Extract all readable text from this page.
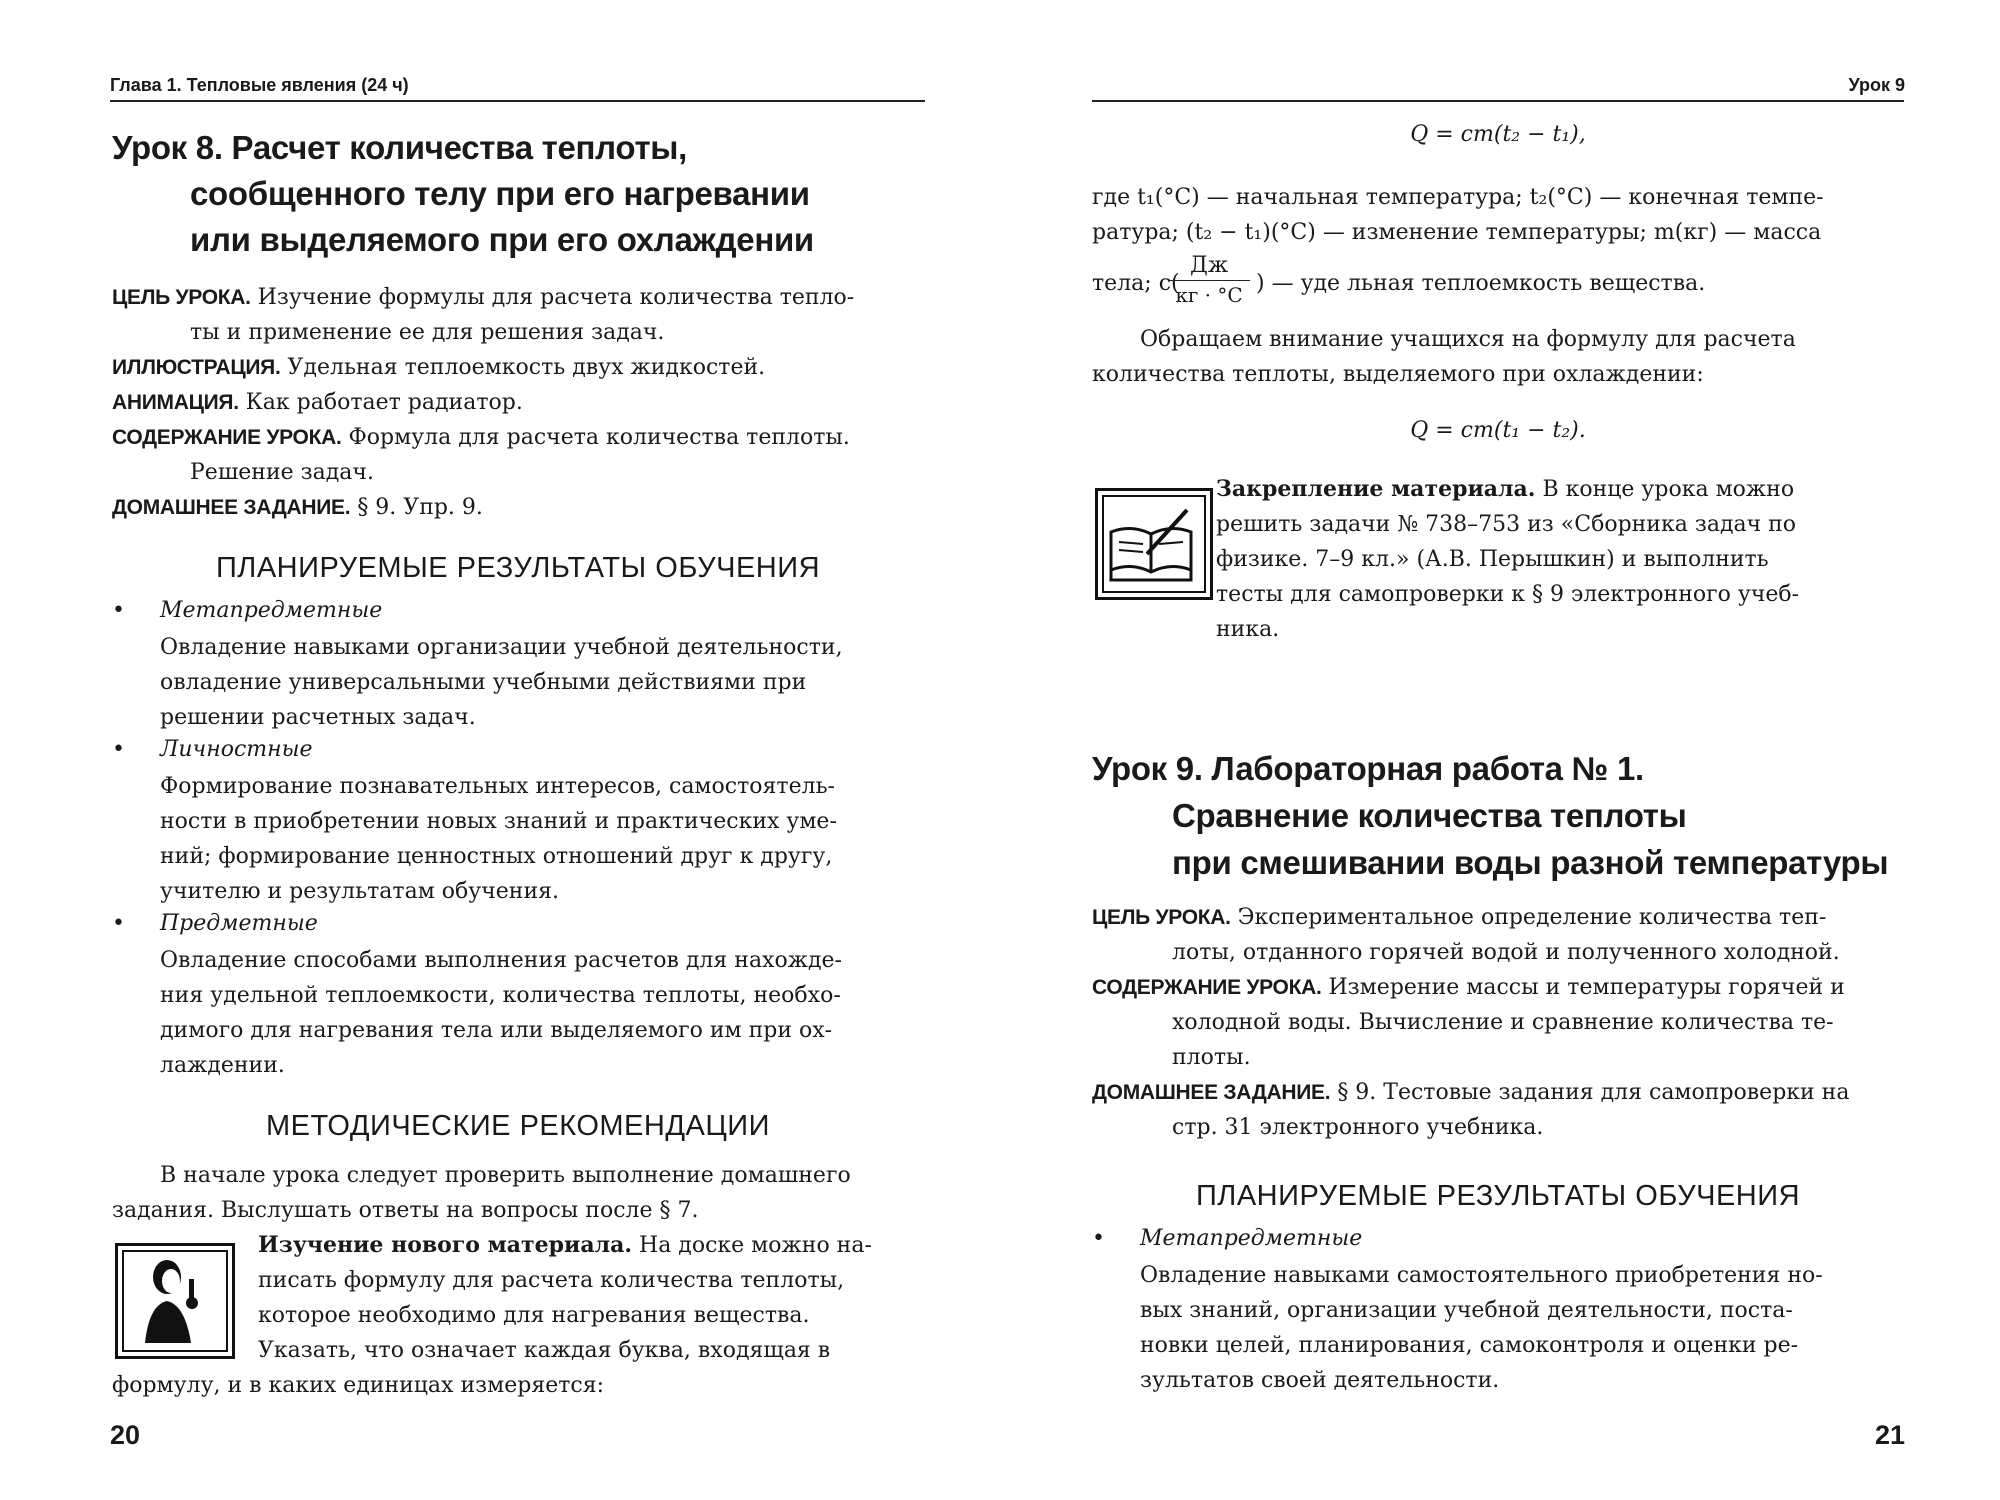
Глава 1. Тепловые явления (24 ч)
Урок 8. Расчет количества теплоты,
сообщенного телу при его нагревании
или выделяемого при его охлаждении
ЦЕЛЬ УРОКА. Изучение формулы для расчета количества тепло-
ты и применение ее для решения задач.
ИЛЛЮСТРАЦИЯ. Удельная теплоемкость двух жидкостей.
АНИМАЦИЯ. Как работает радиатор.
СОДЕРЖАНИЕ УРОКА. Формула для расчета количества теплоты.
Решение задач.
ДОМАШНЕЕ ЗАДАНИЕ. § 9. Упр. 9.
ПЛАНИРУЕМЫЕ РЕЗУЛЬТАТЫ ОБУЧЕНИЯ
• Метапредметные
Овладение навыками организации учебной деятельности,
овладение универсальными учебными действиями при
решении расчетных задач.
• Личностные
Формирование познавательных интересов, самостоятель-
ности в приобретении новых знаний и практических уме-
ний; формирование ценностных отношений друг к другу,
учителю и результатам обучения.
• Предметные
Овладение способами выполнения расчетов для нахожде-
ния удельной теплоемкости, количества теплоты, необхо-
димого для нагревания тела или выделяемого им при ох-
лаждении.
МЕТОДИЧЕСКИЕ РЕКОМЕНДАЦИИ
В начале урока следует проверить выполнение домашнего
задания. Выслушать ответы на вопросы после § 7.
Изучение нового материала. На доске можно на-
писать формулу для расчета количества теплоты,
которое необходимо для нагревания вещества.
Указать, что означает каждая буква, входящая в
формулу, и в каких единицах измеряется:
20
Урок 9
Q = cm(t₂ − t₁),
где t₁(°C) — начальная температура; t₂(°C) — конечная темпе-
ратура; (t₂ − t₁)(°C) — изменение температуры; m(кг) — масса
тела; c(
Дж
кг · °C ) — уде льная теплоемкость вещества.
Обращаем внимание учащихся на формулу для расчета
количества теплоты, выделяемого при охлаждении:
Q = cm(t₁ − t₂).
Закрепление материала. В конце урока можно
решить задачи № 738–753 из «Сборника задач по
физике. 7–9 кл.» (А.В. Перышкин) и выполнить
тесты для самопроверки к § 9 электронного учеб-
ника.
Урок 9. Лабораторная работа № 1.
Сравнение количества теплоты
при смешивании воды разной температуры
ЦЕЛЬ УРОКА. Экспериментальное определение количества теп-
лоты, отданного горячей водой и полученного холодной.
СОДЕРЖАНИЕ УРОКА. Измерение массы и температуры горячей и
холодной воды. Вычисление и сравнение количества те-
плоты.
ДОМАШНЕЕ ЗАДАНИЕ. § 9. Тестовые задания для самопроверки на
стр. 31 электронного учебника.
ПЛАНИРУЕМЫЕ РЕЗУЛЬТАТЫ ОБУЧЕНИЯ
• Метапредметные
Овладение навыками самостоятельного приобретения но-
вых знаний, организации учебной деятельности, поста-
новки целей, планирования, самоконтроля и оценки ре-
зультатов своей деятельности.
21
